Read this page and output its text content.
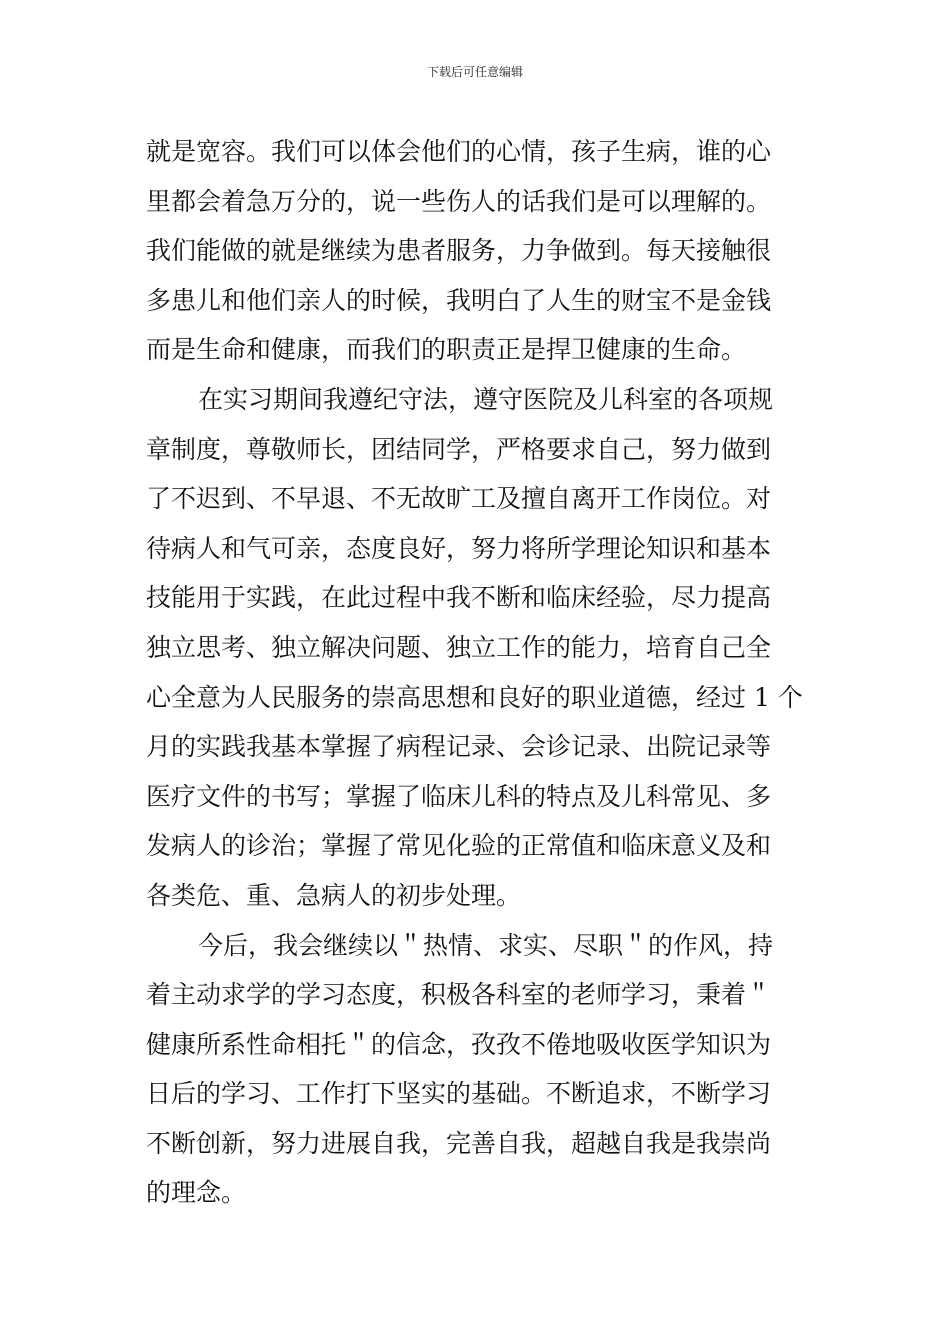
下载后可任意编辑
就是宽容。我们可以体会他们的心情，孩子生病，谁的心
里都会着急万分的，说一些伤人的话我们是可以理解的。
我们能做的就是继续为患者服务，力争做到。每天接触很
多患儿和他们亲人的时候，我明白了人生的财宝不是金钱
而是生命和健康，而我们的职责正是捍卫健康的生命。
在实习期间我遵纪守法，遵守医院及儿科室的各项规
章制度，尊敬师长，团结同学，严格要求自己，努力做到
了不迟到、不早退、不无故旷工及擅自离开工作岗位。对
待病人和气可亲，态度良好，努力将所学理论知识和基本
技能用于实践，在此过程中我不断和临床经验，尽力提高
独立思考、独立解决问题、独立工作的能力，培育自己全
心全意为人民服务的崇高思想和良好的职业道德，经过 1 个
月的实践我基本掌握了病程记录、会诊记录、出院记录等
医疗文件的书写；掌握了临床儿科的特点及儿科常见、多
发病人的诊治；掌握了常见化验的正常值和临床意义及和
各类危、重、急病人的初步处理。
今后，我会继续以＂热情、求实、尽职＂的作风，持
着主动求学的学习态度，积极各科室的老师学习，秉着＂
健康所系性命相托＂的信念，孜孜不倦地吸收医学知识为
日后的学习、工作打下坚实的基础。不断追求，不断学习
不断创新，努力进展自我，完善自我，超越自我是我崇尚
的理念。
